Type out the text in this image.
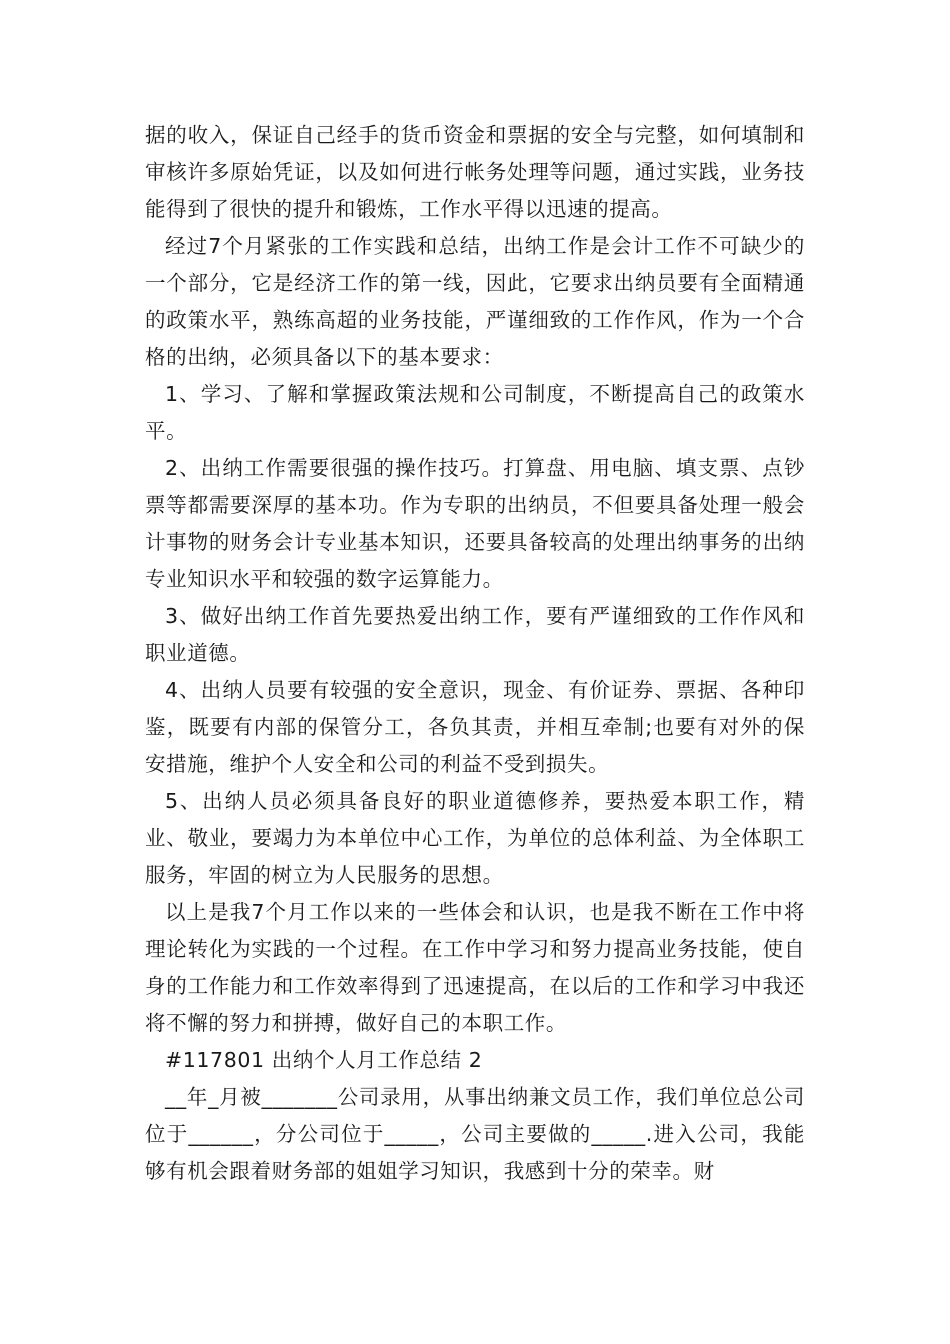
据的收入，保证自己经手的货币资金和票据的安全与完整，如何填制和审核许多原始凭证，以及如何进行帐务处理等问题，通过实践，业务技能得到了很快的提升和锻炼，工作水平得以迅速的提高。

经过7个月紧张的工作实践和总结，出纳工作是会计工作不可缺少的一个部分，它是经济工作的第一线，因此，它要求出纳员要有全面精通的政策水平，熟练高超的业务技能，严谨细致的工作作风，作为一个合格的出纳，必须具备以下的基本要求：

1、学习、了解和掌握政策法规和公司制度，不断提高自己的政策水平。

2、出纳工作需要很强的操作技巧。打算盘、用电脑、填支票、点钞票等都需要深厚的基本功。作为专职的出纳员，不但要具备处理一般会计事物的财务会计专业基本知识，还要具备较高的处理出纳事务的出纳专业知识水平和较强的数字运算能力。

3、做好出纳工作首先要热爱出纳工作，要有严谨细致的工作作风和职业道德。

4、出纳人员要有较强的安全意识，现金、有价证券、票据、各种印鉴，既要有内部的保管分工，各负其责，并相互牵制;也要有对外的保安措施，维护个人安全和公司的利益不受到损失。

5、出纳人员必须具备良好的职业道德修养，要热爱本职工作，精业、敬业，要竭力为本单位中心工作，为单位的总体利益、为全体职工服务，牢固的树立为人民服务的思想。

以上是我7个月工作以来的一些体会和认识，也是我不断在工作中将理论转化为实践的一个过程。在工作中学习和努力提高业务技能，使自身的工作能力和工作效率得到了迅速提高，在以后的工作和学习中我还将不懈的努力和拼搏，做好自己的本职工作。

#117801 出纳个人月工作总结 2

__年_月被_______公司录用，从事出纳兼文员工作，我们单位总公司位于______，分公司位于_____，公司主要做的_____.进入公司，我能够有机会跟着财务部的姐姐学习知识，我感到十分的荣幸。财
